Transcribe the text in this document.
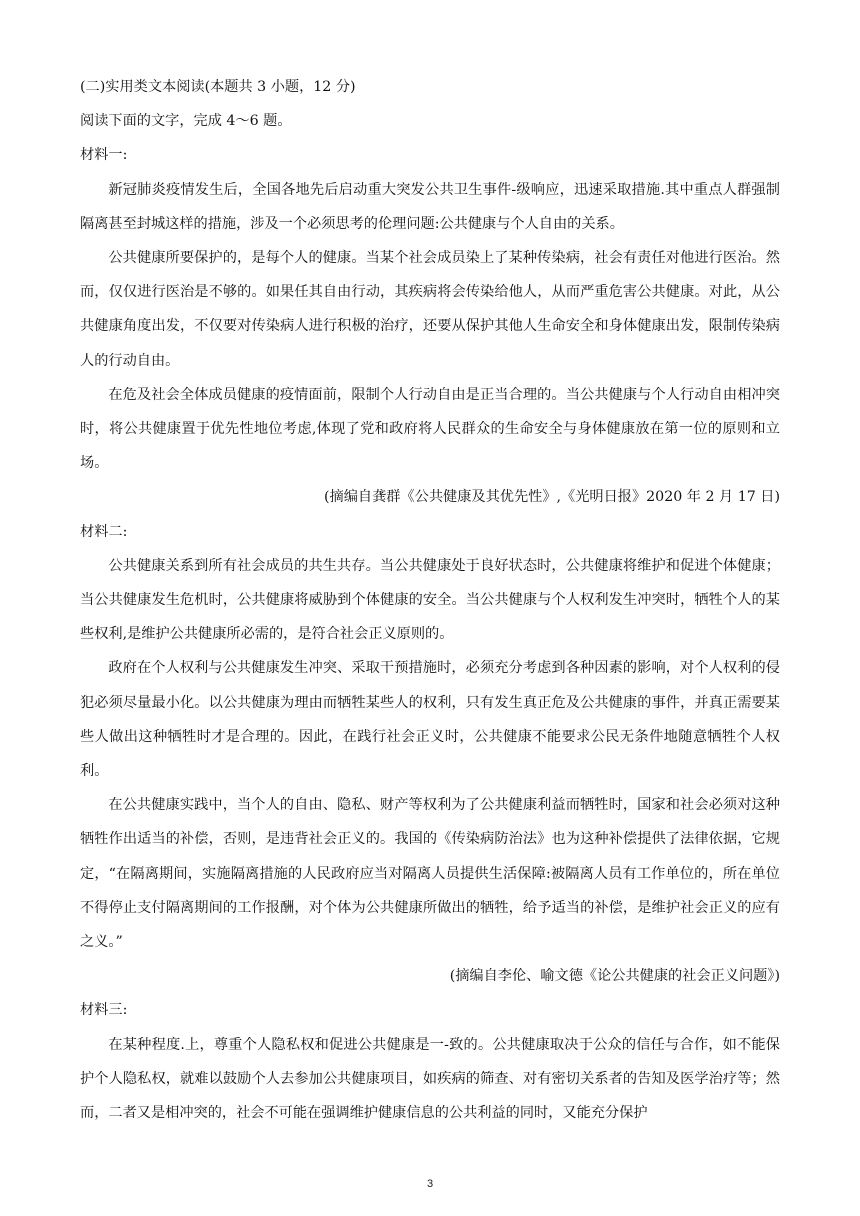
(二)实用类文本阅读(本题共 3 小题，12 分)

阅读下面的文字，完成 4～6 题。

材料一:

新冠肺炎疫情发生后，全国各地先后启动重大突发公共卫生事件-级响应，迅速采取措施.其中重点人群强制隔离甚至封城这样的措施，涉及一个必须思考的伦理问题:公共健康与个人自由的关系。

公共健康所要保护的，是每个人的健康。当某个社会成员染上了某种传染病，社会有责任对他进行医治。然而，仅仅进行医治是不够的。如果任其自由行动，其疾病将会传染给他人，从而严重危害公共健康。对此，从公共健康角度出发，不仅要对传染病人进行积极的治疗，还要从保护其他人生命安全和身体健康出发，限制传染病人的行动自由。

在危及社会全体成员健康的疫情面前，限制个人行动自由是正当合理的。当公共健康与个人行动自由相冲突时，将公共健康置于优先性地位考虑,体现了党和政府将人民群众的生命安全与身体健康放在第一位的原则和立场。

(摘编自龚群《公共健康及其优先性》,《光明日报》2020 年 2 月 17 日)

材料二:

公共健康关系到所有社会成员的共生共存。当公共健康处于良好状态时，公共健康将维护和促进个体健康；当公共健康发生危机时，公共健康将威胁到个体健康的安全。当公共健康与个人权利发生冲突时，牺牲个人的某些权利,是维护公共健康所必需的，是符合社会正义原则的。

政府在个人权利与公共健康发生冲突、采取干预措施时，必须充分考虑到各种因素的影响，对个人权利的侵犯必须尽量最小化。以公共健康为理由而牺牲某些人的权利，只有发生真正危及公共健康的事件，并真正需要某些人做出这种牺牲时才是合理的。因此，在践行社会正义时，公共健康不能要求公民无条件地随意牺牲个人权利。

在公共健康实践中，当个人的自由、隐私、财产等权利为了公共健康利益而牺牲时，国家和社会必须对这种牺牲作出适当的补偿，否则，是违背社会正义的。我国的《传染病防治法》也为这种补偿提供了法律依据，它规定，“在隔离期间，实施隔离措施的人民政府应当对隔离人员提供生活保障:被隔离人员有工作单位的，所在单位不得停止支付隔离期间的工作报酬，对个体为公共健康所做出的牺牲，给予适当的补偿，是维护社会正义的应有之义。”

(摘编自李伦、喻文德《论公共健康的社会正义问题》)

材料三:

在某种程度.上，尊重个人隐私权和促进公共健康是一-致的。公共健康取决于公众的信任与合作，如不能保护个人隐私权，就难以鼓励个人去参加公共健康项目，如疾病的筛查、对有密切关系者的告知及医学治疗等；然而，二者又是相冲突的，社会不可能在强调维护健康信息的公共利益的同时，又能充分保护

3
